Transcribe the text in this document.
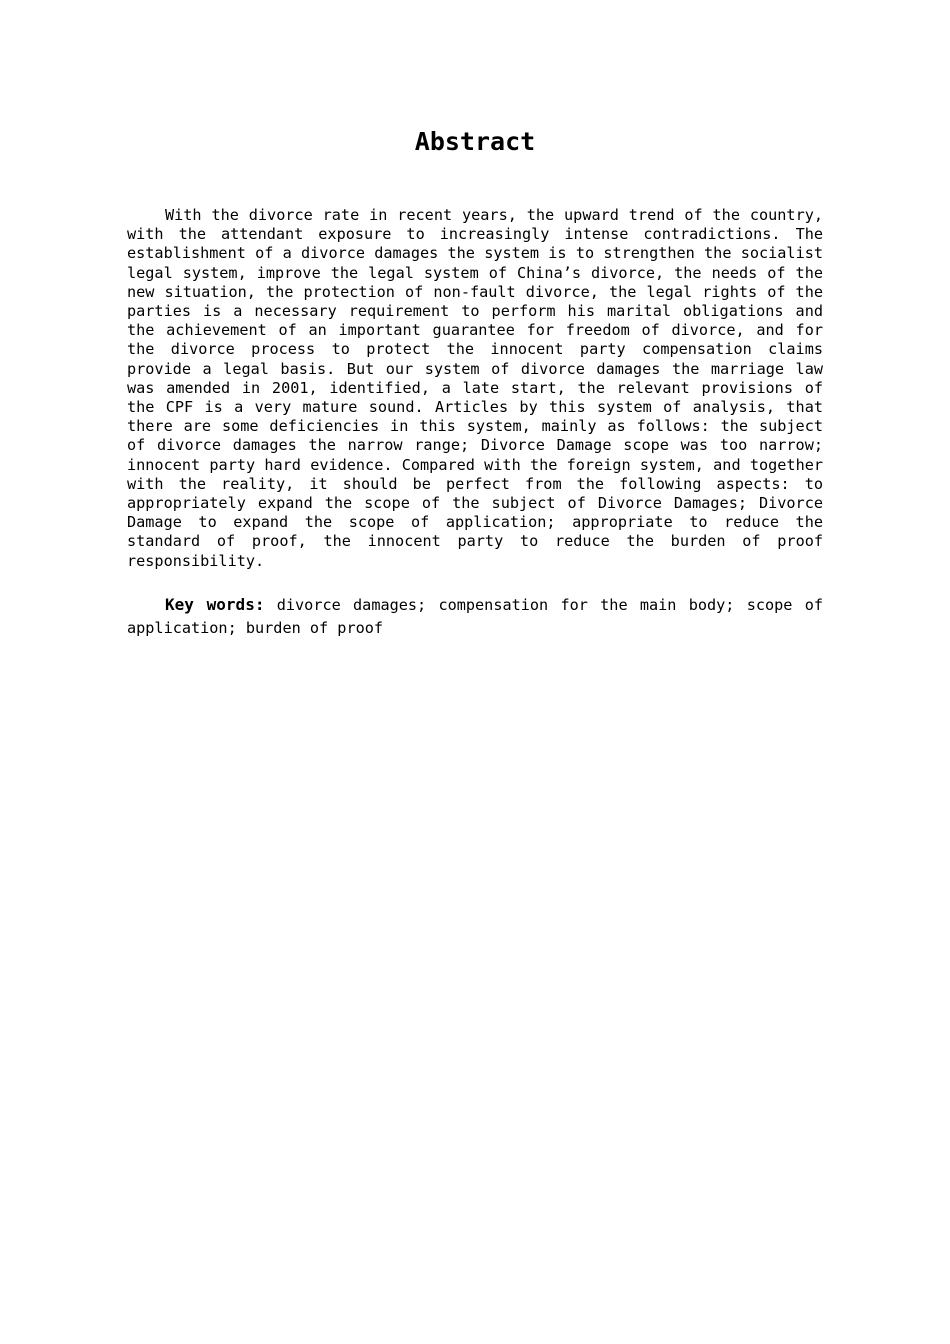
Abstract

With the divorce rate in recent years, the upward trend of the country, with the attendant exposure to increasingly intense contradictions. The establishment of a divorce damages the system is to strengthen the socialist legal system, improve the legal system of China’s divorce, the needs of the new situation, the protection of non-fault divorce, the legal rights of the parties is a necessary requirement to perform his marital obligations and the achievement of an important guarantee for freedom of divorce, and for the divorce process to protect the innocent party compensation claims provide a legal basis. But our system of divorce damages the marriage law was amended in 2001, identified, a late start, the relevant provisions of the CPF is a very mature sound. Articles by this system of analysis, that there are some deficiencies in this system, mainly as follows: the subject of divorce damages the narrow range; Divorce Damage scope was too narrow; innocent party hard evidence. Compared with the foreign system, and together with the reality, it should be perfect from the following aspects: to appropriately expand the scope of the subject of Divorce Damages; Divorce Damage to expand the scope of application; appropriate to reduce the standard of proof, the innocent party to reduce the burden of proof responsibility.

Key words: divorce damages; compensation for the main body; scope of application; burden of proof
